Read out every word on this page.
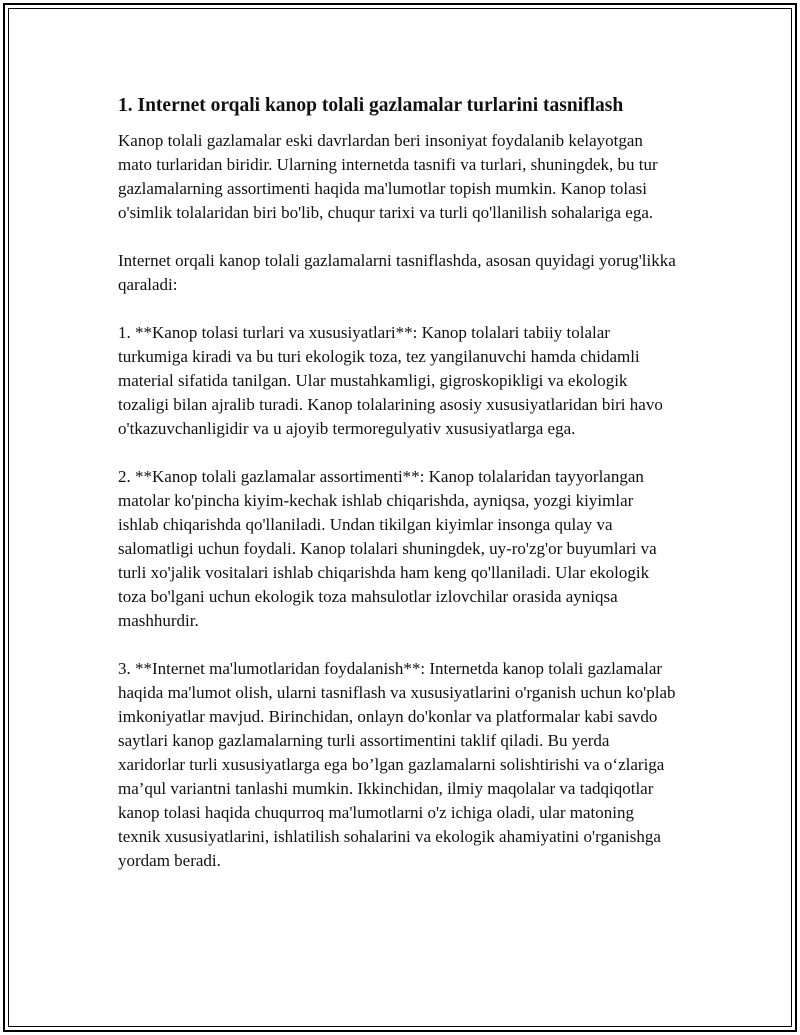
1. Internet orqali kanop tolali gazlamalar turlarini tasniflash

Kanop tolali gazlamalar eski davrlardan beri insoniyat foydalanib kelayotgan mato turlaridan biridir. Ularning internetda tasnifi va turlari, shuningdek, bu tur gazlamalarning assortimenti haqida ma'lumotlar topish mumkin. Kanop tolasi o'simlik tolalaridan biri bo'lib, chuqur tarixi va turli qo'llanilish sohalariga ega.

Internet orqali kanop tolali gazlamalarni tasniflashda, asosan quyidagi yorug'likka qaraladi:

1. **Kanop tolasi turlari va xususiyatlari**: Kanop tolalari tabiiy tolalar turkumiga kiradi va bu turi ekologik toza, tez yangilanuvchi hamda chidamli material sifatida tanilgan. Ular mustahkamligi, gigroskopikligi va ekologik tozaligi bilan ajralib turadi. Kanop tolalarining asosiy xususiyatlaridan biri havo o'tkazuvchanligidir va u ajoyib termoregulyativ xususiyatlarga ega.

2. **Kanop tolali gazlamalar assortimenti**: Kanop tolalaridan tayyorlangan matolar ko'pincha kiyim-kechak ishlab chiqarishda, ayniqsa, yozgi kiyimlar ishlab chiqarishda qo'llaniladi. Undan tikilgan kiyimlar insonga qulay va salomatligi uchun foydali. Kanop tolalari shuningdek, uy-ro'zg'or buyumlari va turli xo'jalik vositalari ishlab chiqarishda ham keng qo'llaniladi. Ular ekologik toza bo'lgani uchun ekologik toza mahsulotlar izlovchilar orasida ayniqsa mashhurdir.

3. **Internet ma'lumotlaridan foydalanish**: Internetda kanop tolali gazlamalar haqida ma'lumot olish, ularni tasniflash va xususiyatlarini o'rganish uchun ko'plab imkoniyatlar mavjud. Birinchidan, onlayn do'konlar va platformalar kabi savdo saytlari kanop gazlamalarning turli assortimentini taklif qiladi. Bu yerda xaridorlar turli xususiyatlarga ega bo’lgan gazlamalarni solishtirishi va o‘zlariga ma’qul variantni tanlashi mumkin. Ikkinchidan, ilmiy maqolalar va tadqiqotlar kanop tolasi haqida chuqurroq ma'lumotlarni o'z ichiga oladi, ular matoning texnik xususiyatlarini, ishlatilish sohalarini va ekologik ahamiyatini o'rganishga yordam beradi.
